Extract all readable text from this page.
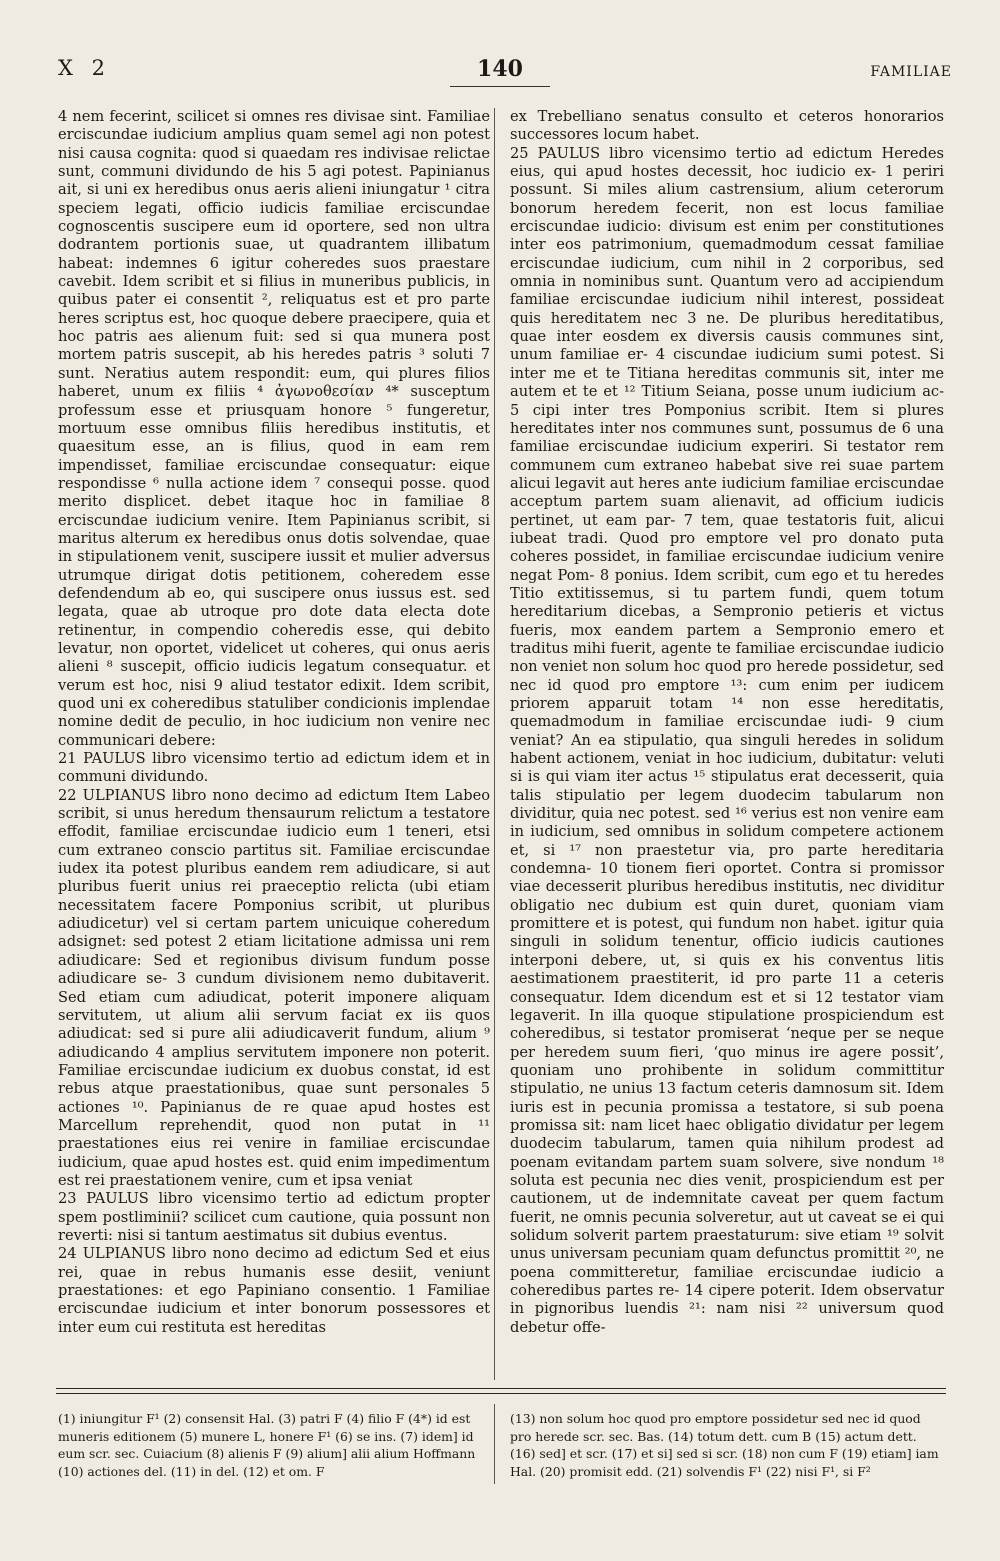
X 2	140	FAMILIAE

4 nem fecerint, scilicet si omnes res divisae sint. Familiae erciscundae iudicium amplius quam semel agi non potest nisi causa cognita: quod si quaedam res indivisae relictae sunt, communi dividundo de his 5 agi potest. Papinianus ait, si uni ex heredibus onus aeris alieni iniungatur ¹ citra speciem legati, officio iudicis familiae erciscundae cognoscentis suscipere eum id oportere, sed non ultra dodrantem portionis suae, ut quadrantem illibatum habeat: indemnes 6 igitur coheredes suos praestare cavebit. Idem scribit et si filius in muneribus publicis, in quibus pater ei consentit ², reliquatus est et pro parte heres scriptus est, hoc quoque debere praecipere, quia et hoc patris aes alienum fuit: sed si qua munera post mortem patris suscepit, ab his heredes patris ³ soluti 7 sunt. Neratius autem respondit: eum, qui plures filios haberet, unum ex filiis ⁴ ἀγωνοθεσίαν ⁴* susceptum professum esse et priusquam honore ⁵ fungeretur, mortuum esse omnibus filiis heredibus institutis, et quaesitum esse, an is filius, quod in eam rem impendisset, familiae erciscundae consequatur: eique respondisse ⁶ nulla actione idem ⁷ consequi posse. quod merito displicet. debet itaque hoc in familiae 8 erciscundae iudicium venire. Item Papinianus scribit, si maritus alterum ex heredibus onus dotis solvendae, quae in stipulationem venit, suscipere iussit et mulier adversus utrumque dirigat dotis petitionem, coheredem esse defendendum ab eo, qui suscipere onus iussus est. sed legata, quae ab utroque pro dote data electa dote retinentur, in compendio coheredis esse, qui debito levatur, non oportet, videlicet ut coheres, qui onus aeris alieni ⁸ suscepit, officio iudicis legatum consequatur. et verum est hoc, nisi 9 aliud testator edixit. Idem scribit, quod uni ex coheredibus statuliber condicionis implendae nomine dedit de peculio, in hoc iudicium non venire nec communicari debere:

21 PAULUS libro vicensimo tertio ad edictum idem et in communi dividundo.

22 ULPIANUS libro nono decimo ad edictum Item Labeo scribit, si unus heredum thensaurum relictum a testatore effodit, familiae erciscundae iudicio eum 1 teneri, etsi cum extraneo conscio partitus sit. Familiae erciscundae iudex ita potest pluribus eandem rem adiudicare, si aut pluribus fuerit unius rei praeceptio relicta (ubi etiam necessitatem facere Pomponius scribit, ut pluribus adiudicetur) vel si certam partem unicuique coheredum adsignet: sed potest 2 etiam licitatione admissa uni rem adiudicare: Sed et regionibus divisum fundum posse adiudicare se- 3 cundum divisionem nemo dubitaverit. Sed etiam cum adiudicat, poterit imponere aliquam servitutem, ut alium alii servum faciat ex iis quos adiudicat: sed si pure alii adiudicaverit fundum, alium ⁹ adiudicando 4 amplius servitutem imponere non poterit. Familiae erciscundae iudicium ex duobus constat, id est rebus atque praestationibus, quae sunt personales 5 actiones ¹⁰. Papinianus de re quae apud hostes est Marcellum reprehendit, quod non putat in ¹¹ praestationes eius rei venire in familiae erciscundae iudicium, quae apud hostes est. quid enim impedimentum est rei praestationem venire, cum et ipsa veniat

23 PAULUS libro vicensimo tertio ad edictum propter spem postliminii? scilicet cum cautione, quia possunt non reverti: nisi si tantum aestimatus sit dubius eventus.

24 ULPIANUS libro nono decimo ad edictum Sed et eius rei, quae in rebus humanis esse desiit, veniunt praestationes: et ego Papiniano consentio. 1 Familiae erciscundae iudicium et inter bonorum possessores et inter eum cui restituta est hereditas

ex Trebelliano senatus consulto et ceteros honorarios successores locum habet.

25 PAULUS libro vicensimo tertio ad edictum Heredes eius, qui apud hostes decessit, hoc iudicio ex- 1 periri possunt. Si miles alium castrensium, alium ceterorum bonorum heredem fecerit, non est locus familiae erciscundae iudicio: divisum est enim per constitutiones inter eos patrimonium, quemadmodum cessat familiae erciscundae iudicium, cum nihil in 2 corporibus, sed omnia in nominibus sunt. Quantum vero ad accipiendum familiae erciscundae iudicium nihil interest, possideat quis hereditatem nec 3 ne. De pluribus hereditatibus, quae inter eosdem ex diversis causis communes sint, unum familiae er- 4 ciscundae iudicium sumi potest. Si inter me et te Titiana hereditas communis sit, inter me autem et te et ¹² Titium Seiana, posse unum iudicium ac- 5 cipi inter tres Pomponius scribit. Item si plures hereditates inter nos communes sunt, possumus de 6 una familiae erciscundae iudicium experiri. Si testator rem communem cum extraneo habebat sive rei suae partem alicui legavit aut heres ante iudicium familiae erciscundae acceptum partem suam alienavit, ad officium iudicis pertinet, ut eam par- 7 tem, quae testatoris fuit, alicui iubeat tradi. Quod pro emptore vel pro donato puta coheres possidet, in familiae erciscundae iudicium venire negat Pom- 8 ponius. Idem scribit, cum ego et tu heredes Titio extitissemus, si tu partem fundi, quem totum hereditarium dicebas, a Sempronio petieris et victus fueris, mox eandem partem a Sempronio emero et traditus mihi fuerit, agente te familiae erciscundae iudicio non veniet non solum hoc quod pro herede possidetur, sed nec id quod pro emptore ¹³: cum enim per iudicem priorem apparuit totam ¹⁴ non esse hereditatis, quemadmodum in familiae erciscundae iudi- 9 cium veniat? An ea stipulatio, qua singuli heredes in solidum habent actionem, veniat in hoc iudicium, dubitatur: veluti si is qui viam iter actus ¹⁵ stipulatus erat decesserit, quia talis stipulatio per legem duodecim tabularum non dividitur, quia nec potest. sed ¹⁶ verius est non venire eam in iudicium, sed omnibus in solidum competere actionem et, si ¹⁷ non praestetur via, pro parte hereditaria condemna- 10 tionem fieri oportet. Contra si promissor viae decesserit pluribus heredibus institutis, nec dividitur obligatio nec dubium est quin duret, quoniam viam promittere et is potest, qui fundum non habet. igitur quia singuli in solidum tenentur, officio iudicis cautiones interponi debere, ut, si quis ex his conventus litis aestimationem praestiterit, id pro parte 11 a ceteris consequatur. Idem dicendum est et si 12 testator viam legaverit. In illa quoque stipulatione prospiciendum est coheredibus, si testator promiserat ‘neque per se neque per heredem suum fieri, ‘quo minus ire agere possit’, quoniam uno prohibente in solidum committitur stipulatio, ne unius 13 factum ceteris damnosum sit. Idem iuris est in pecunia promissa a testatore, si sub poena promissa sit: nam licet haec obligatio dividatur per legem duodecim tabularum, tamen quia nihilum prodest ad poenam evitandam partem suam solvere, sive nondum ¹⁸ soluta est pecunia nec dies venit, prospiciendum est per cautionem, ut de indemnitate caveat per quem factum fuerit, ne omnis pecunia solveretur, aut ut caveat se ei qui solidum solverit partem praestaturum: sive etiam ¹⁹ solvit unus universam pecuniam quam defunctus promittit ²⁰, ne poena committeretur, familiae erciscundae iudicio a coheredibus partes re- 14 cipere poterit. Idem observatur in pignoribus luendis ²¹: nam nisi ²² universum quod debetur offe-

(1) iniungitur F¹ (2) consensit Hal. (3) patri F (4) filio F (4*) id est muneris editionem (5) munere L, honere F¹ (6) se ins. (7) idem] id eum scr. sec. Cuiacium (8) alienis F (9) alium] alii alium Hoffmann (10) actiones del. (11) in del. (12) et om. F
(13) non solum hoc quod pro emptore possidetur sed nec id quod pro herede scr. sec. Bas. (14) totum dett. cum B (15) actum dett. (16) sed] et scr. (17) et si] sed si scr. (18) non cum F (19) etiam] iam Hal. (20) promisit edd. (21) solvendis F¹ (22) nisi F¹, si F²
